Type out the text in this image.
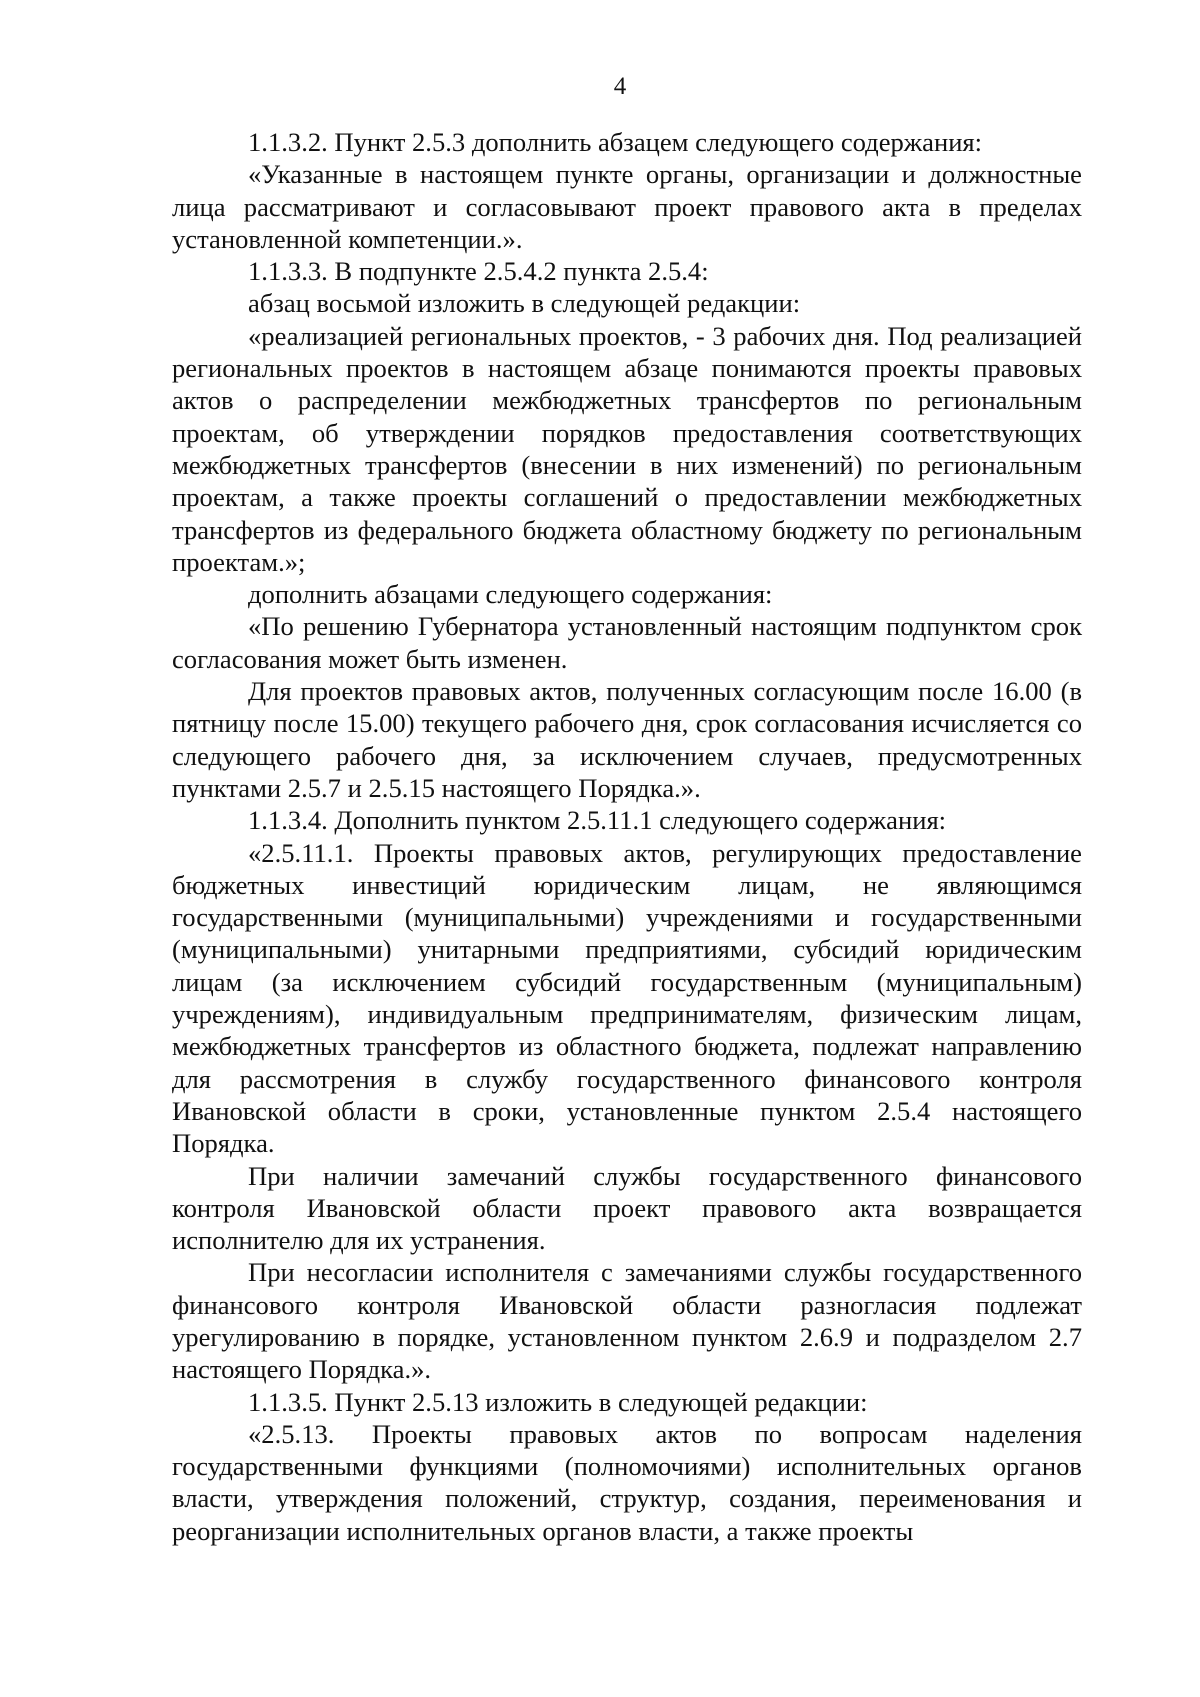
4

1.1.3.2. Пункт 2.5.3 дополнить абзацем следующего содержания:

«Указанные в настоящем пункте органы, организации и должностные лица рассматривают и согласовывают проект правового акта в пределах установленной компетенции.».

1.1.3.3. В подпункте 2.5.4.2 пункта 2.5.4:

абзац восьмой изложить в следующей редакции:

«реализацией региональных проектов, - 3 рабочих дня. Под реализацией региональных проектов в настоящем абзаце понимаются проекты правовых актов о распределении межбюджетных трансфертов по региональным проектам, об утверждении порядков предоставления соответствующих межбюджетных трансфертов (внесении в них изменений) по региональным проектам, а также проекты соглашений о предоставлении межбюджетных трансфертов из федерального бюджета областному бюджету по региональным проектам.»;

дополнить абзацами следующего содержания:

«По решению Губернатора установленный настоящим подпунктом срок согласования может быть изменен.

Для проектов правовых актов, полученных согласующим после 16.00 (в пятницу после 15.00) текущего рабочего дня, срок согласования исчисляется со следующего рабочего дня, за исключением случаев, предусмотренных пунктами 2.5.7 и 2.5.15 настоящего Порядка.».

1.1.3.4. Дополнить пунктом 2.5.11.1 следующего содержания:

«2.5.11.1. Проекты правовых актов, регулирующих предоставление бюджетных инвестиций юридическим лицам, не являющимся государственными (муниципальными) учреждениями и государственными (муниципальными) унитарными предприятиями, субсидий юридическим лицам (за исключением субсидий государственным (муниципальным) учреждениям), индивидуальным предпринимателям, физическим лицам, межбюджетных трансфертов из областного бюджета, подлежат направлению для рассмотрения в службу государственного финансового контроля Ивановской области в сроки, установленные пунктом 2.5.4 настоящего Порядка.

При наличии замечаний службы государственного финансового контроля Ивановской области проект правового акта возвращается исполнителю для их устранения.

При несогласии исполнителя с замечаниями службы государственного финансового контроля Ивановской области разногласия подлежат урегулированию в порядке, установленном пунктом 2.6.9 и подразделом 2.7 настоящего Порядка.».

1.1.3.5. Пункт 2.5.13 изложить в следующей редакции:

«2.5.13. Проекты правовых актов по вопросам наделения государственными функциями (полномочиями) исполнительных органов власти, утверждения положений, структур, создания, переименования и реорганизации исполнительных органов власти, а также проекты
